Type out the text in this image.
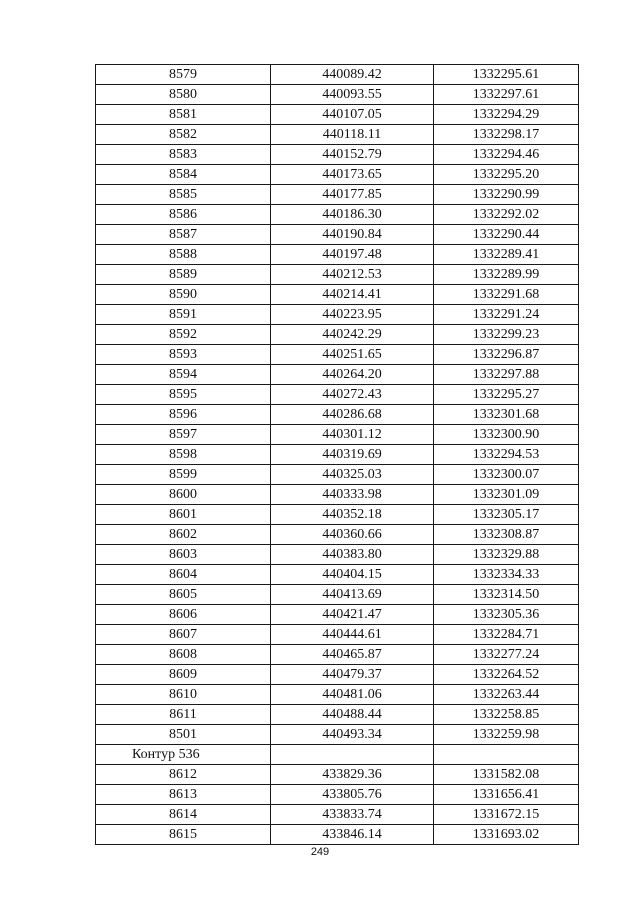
8579	440089.42	1332295.61
8580	440093.55	1332297.61
8581	440107.05	1332294.29
8582	440118.11	1332298.17
8583	440152.79	1332294.46
8584	440173.65	1332295.20
8585	440177.85	1332290.99
8586	440186.30	1332292.02
8587	440190.84	1332290.44
8588	440197.48	1332289.41
8589	440212.53	1332289.99
8590	440214.41	1332291.68
8591	440223.95	1332291.24
8592	440242.29	1332299.23
8593	440251.65	1332296.87
8594	440264.20	1332297.88
8595	440272.43	1332295.27
8596	440286.68	1332301.68
8597	440301.12	1332300.90
8598	440319.69	1332294.53
8599	440325.03	1332300.07
8600	440333.98	1332301.09
8601	440352.18	1332305.17
8602	440360.66	1332308.87
8603	440383.80	1332329.88
8604	440404.15	1332334.33
8605	440413.69	1332314.50
8606	440421.47	1332305.36
8607	440444.61	1332284.71
8608	440465.87	1332277.24
8609	440479.37	1332264.52
8610	440481.06	1332263.44
8611	440488.44	1332258.85
8501	440493.34	1332259.98
Контур 536		
8612	433829.36	1331582.08
8613	433805.76	1331656.41
8614	433833.74	1331672.15
8615	433846.14	1331693.02
249
